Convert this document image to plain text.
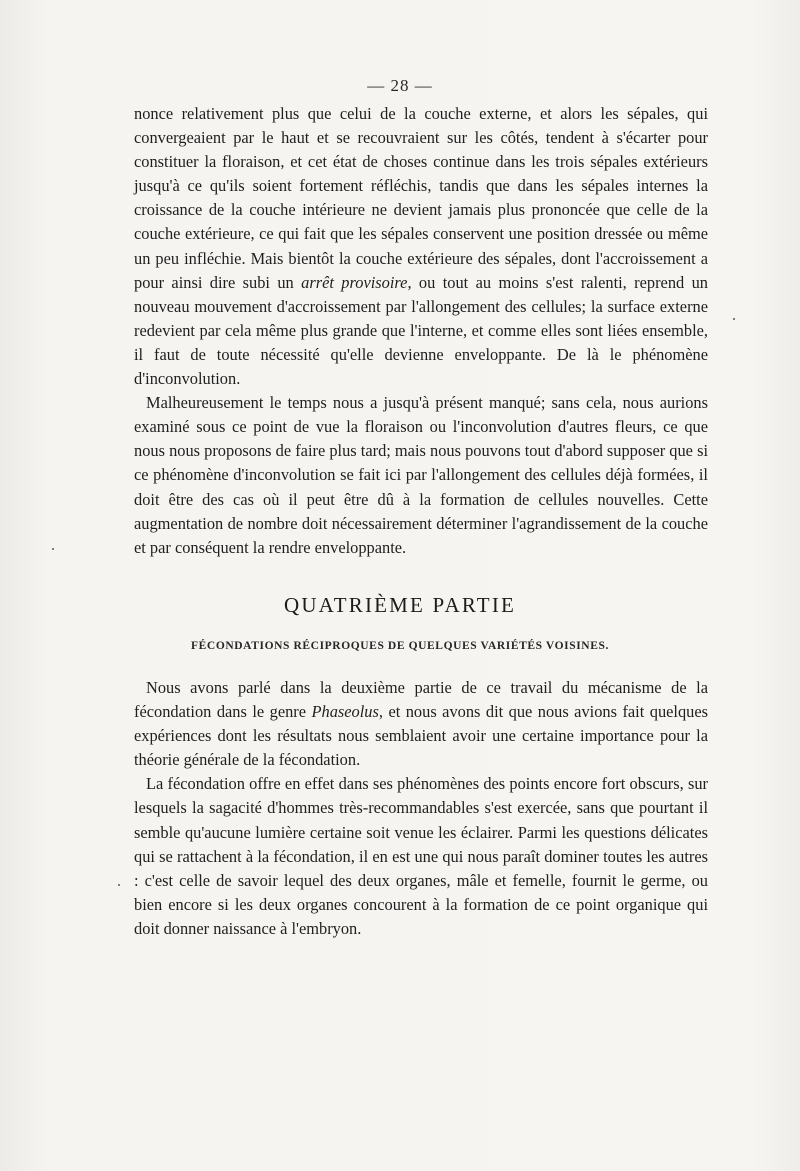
— 28 —

nonce relativement plus que celui de la couche externe, et alors les sépales, qui convergeaient par le haut et se recouvraient sur les côtés, tendent à s'écarter pour constituer la floraison, et cet état de choses continue dans les trois sépales extérieurs jusqu'à ce qu'ils soient fortement réfléchis, tandis que dans les sépales internes la croissance de la couche intérieure ne devient jamais plus prononcée que celle de la couche extérieure, ce qui fait que les sépales conservent une position dressée ou même un peu infléchie. Mais bientôt la couche extérieure des sépales, dont l'accroissement a pour ainsi dire subi un arrêt provisoire, ou tout au moins s'est ralenti, reprend un nouveau mouvement d'accroissement par l'allongement des cellules; la surface externe redevient par cela même plus grande que l'interne, et comme elles sont liées ensemble, il faut de toute nécessité qu'elle devienne enveloppante. De là le phénomène d'inconvolution.

Malheureusement le temps nous a jusqu'à présent manqué; sans cela, nous aurions examiné sous ce point de vue la floraison ou l'inconvolution d'autres fleurs, ce que nous nous proposons de faire plus tard; mais nous pouvons tout d'abord supposer que si ce phénomène d'inconvolution se fait ici par l'allongement des cellules déjà formées, il doit être des cas où il peut être dû à la formation de cellules nouvelles. Cette augmentation de nombre doit nécessairement déterminer l'agrandissement de la couche et par conséquent la rendre enveloppante.

QUATRIÈME PARTIE
FÉCONDATIONS RÉCIPROQUES DE QUELQUES VARIÉTÉS VOISINES.

Nous avons parlé dans la deuxième partie de ce travail du mécanisme de la fécondation dans le genre Phaseolus, et nous avons dit que nous avions fait quelques expériences dont les résultats nous semblaient avoir une certaine importance pour la théorie générale de la fécondation.

La fécondation offre en effet dans ses phénomènes des points encore fort obscurs, sur lesquels la sagacité d'hommes très-recommandables s'est exercée, sans que pourtant il semble qu'aucune lumière certaine soit venue les éclairer. Parmi les questions délicates qui se rattachent à la fécondation, il en est une qui nous paraît dominer toutes les autres : c'est celle de savoir lequel des deux organes, mâle et femelle, fournit le germe, ou bien encore si les deux organes concourent à la formation de ce point organique qui doit donner naissance à l'embryon.
